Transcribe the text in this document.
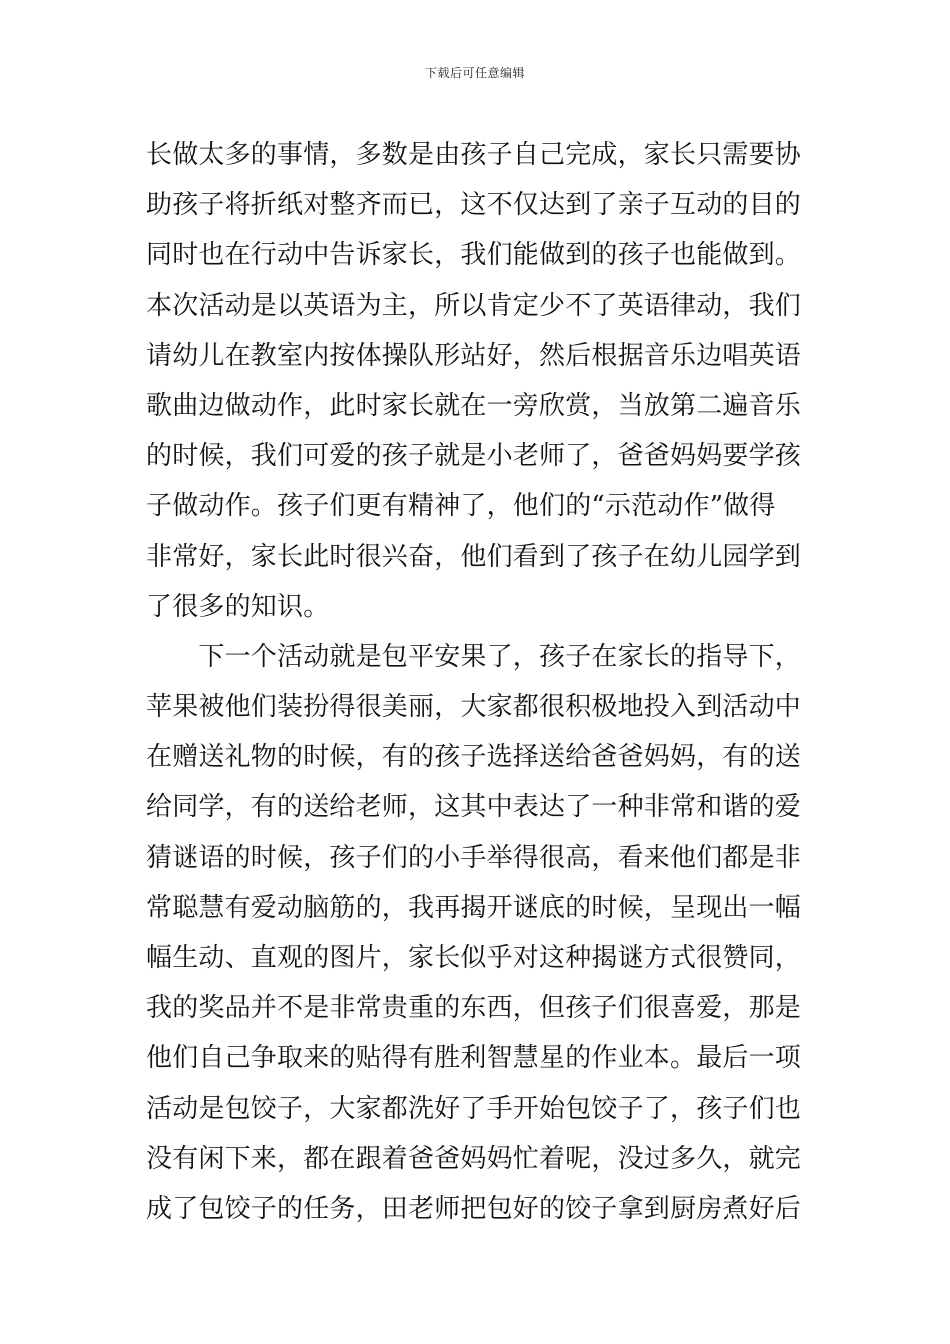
下载后可任意编辑
长做太多的事情，多数是由孩子自己完成，家长只需要协
助孩子将折纸对整齐而已，这不仅达到了亲子互动的目的
同时也在行动中告诉家长，我们能做到的孩子也能做到。
本次活动是以英语为主，所以肯定少不了英语律动，我们
请幼儿在教室内按体操队形站好，然后根据音乐边唱英语
歌曲边做动作，此时家长就在一旁欣赏，当放第二遍音乐
的时候，我们可爱的孩子就是小老师了，爸爸妈妈要学孩
子做动作。孩子们更有精神了，他们的“示范动作”做得
非常好，家长此时很兴奋，他们看到了孩子在幼儿园学到
了很多的知识。
　　下一个活动就是包平安果了，孩子在家长的指导下，
苹果被他们装扮得很美丽，大家都很积极地投入到活动中
在赠送礼物的时候，有的孩子选择送给爸爸妈妈，有的送
给同学，有的送给老师，这其中表达了一种非常和谐的爱
猜谜语的时候，孩子们的小手举得很高，看来他们都是非
常聪慧有爱动脑筋的，我再揭开谜底的时候，呈现出一幅
幅生动、直观的图片，家长似乎对这种揭谜方式很赞同，
我的奖品并不是非常贵重的东西，但孩子们很喜爱，那是
他们自己争取来的贴得有胜利智慧星的作业本。最后一项
活动是包饺子，大家都洗好了手开始包饺子了，孩子们也
没有闲下来，都在跟着爸爸妈妈忙着呢，没过多久，就完
成了包饺子的任务，田老师把包好的饺子拿到厨房煮好后
